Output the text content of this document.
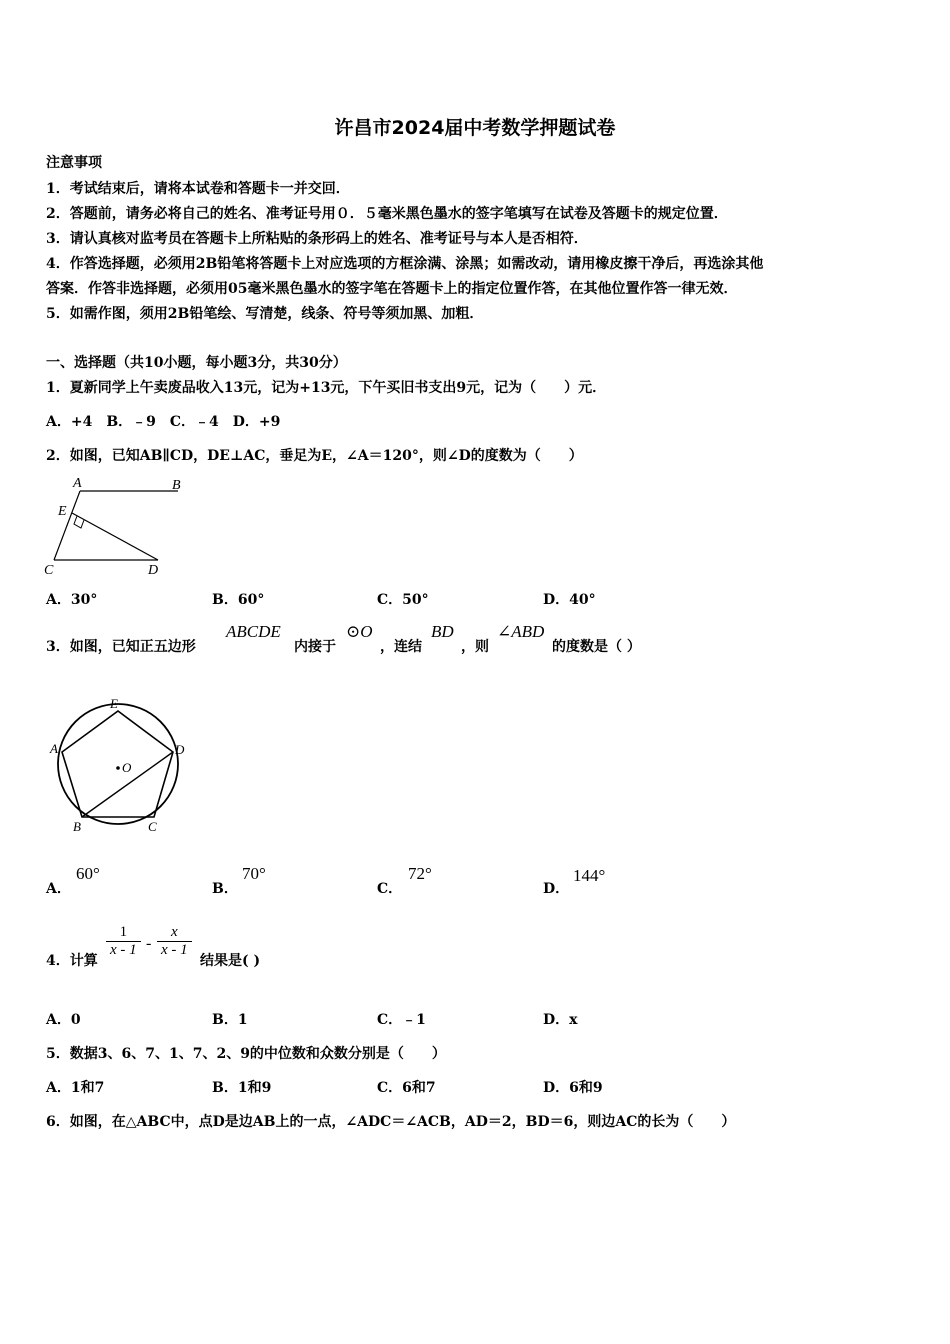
许昌市2024届中考数学押题试卷
注意事项
1．考试结束后，请将本试卷和答题卡一并交回．
2．答题前，请务必将自己的姓名、准考证号用０．５毫米黑色墨水的签字笔填写在试卷及答题卡的规定位置．
3．请认真核对监考员在答题卡上所粘贴的条形码上的姓名、准考证号与本人是否相符．
4．作答选择题，必须用2B铅笔将答题卡上对应选项的方框涂满、涂黑；如需改动，请用橡皮擦干净后，再选涂其他
答案．作答非选择题，必须用05毫米黑色墨水的签字笔在答题卡上的指定位置作答，在其他位置作答一律无效．
5．如需作图，须用2B铅笔绘、写清楚，线条、符号等须加黑、加粗．
一、选择题（共10小题，每小题3分，共30分）
1．夏新同学上午卖废品收入13元，记为+13元，下午买旧书支出9元，记为（　　）元．
A．+4　B．﹣9　C．﹣4　D．+9
2．如图，已知AB∥CD，DE⊥AC，垂足为E，∠A＝120°，则∠D的度数为（　　）
A	B
E
C	D
A．30°	B．60°	C．50°	D．40°
3．如图，已知正五边形
ABCDE
内接于
⊙O
，连结
BD
，则
∠ABD
的度数是（ ）
E
A	D
O
B	C
A．
60°
B．
70°
C．
72°
D．
144°
4．计算
$\frac{1}{x - 1} - \frac{x}{x - 1}$
结果是( )
A．0	B．1	C．﹣1	D．x
5．数据3、6、7、1、7、2、9的中位数和众数分别是（　　）
A．1和7	B．1和9	C．6和7	D．6和9
6．如图，在△ABC中，点D是边AB上的一点，∠ADC＝∠ACB，AD＝2，BD＝6，则边AC的长为（　　）
